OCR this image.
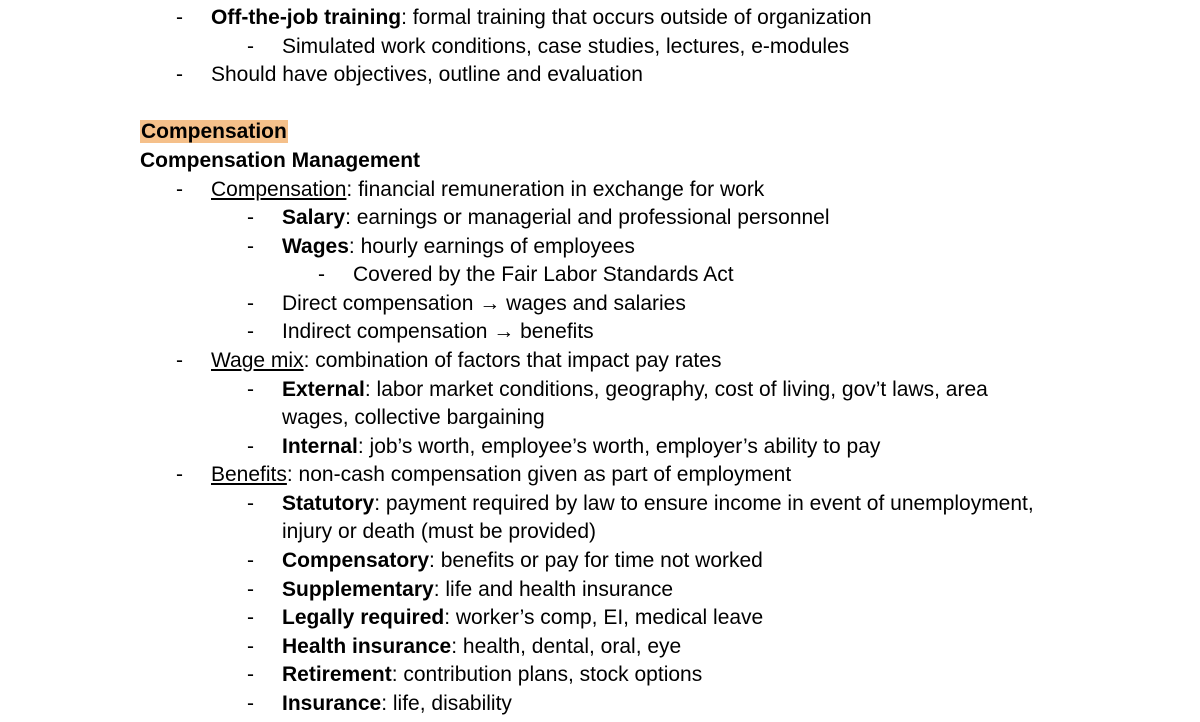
- Off-the-job training: formal training that occurs outside of organization
- Simulated work conditions, case studies, lectures, e-modules
- Should have objectives, outline and evaluation
Compensation
Compensation Management
- Compensation: financial remuneration in exchange for work
- Salary: earnings or managerial and professional personnel
- Wages: hourly earnings of employees
- Covered by the Fair Labor Standards Act
- Direct compensation → wages and salaries
- Indirect compensation → benefits
- Wage mix: combination of factors that impact pay rates
- External: labor market conditions, geography, cost of living, gov’t laws, area
wages, collective bargaining
- Internal: job’s worth, employee’s worth, employer’s ability to pay
- Benefits: non-cash compensation given as part of employment
- Statutory: payment required by law to ensure income in event of unemployment,
injury or death (must be provided)
- Compensatory: benefits or pay for time not worked
- Supplementary: life and health insurance
- Legally required: worker’s comp, EI, medical leave
- Health insurance: health, dental, oral, eye
- Retirement: contribution plans, stock options
- Insurance: life, disability
